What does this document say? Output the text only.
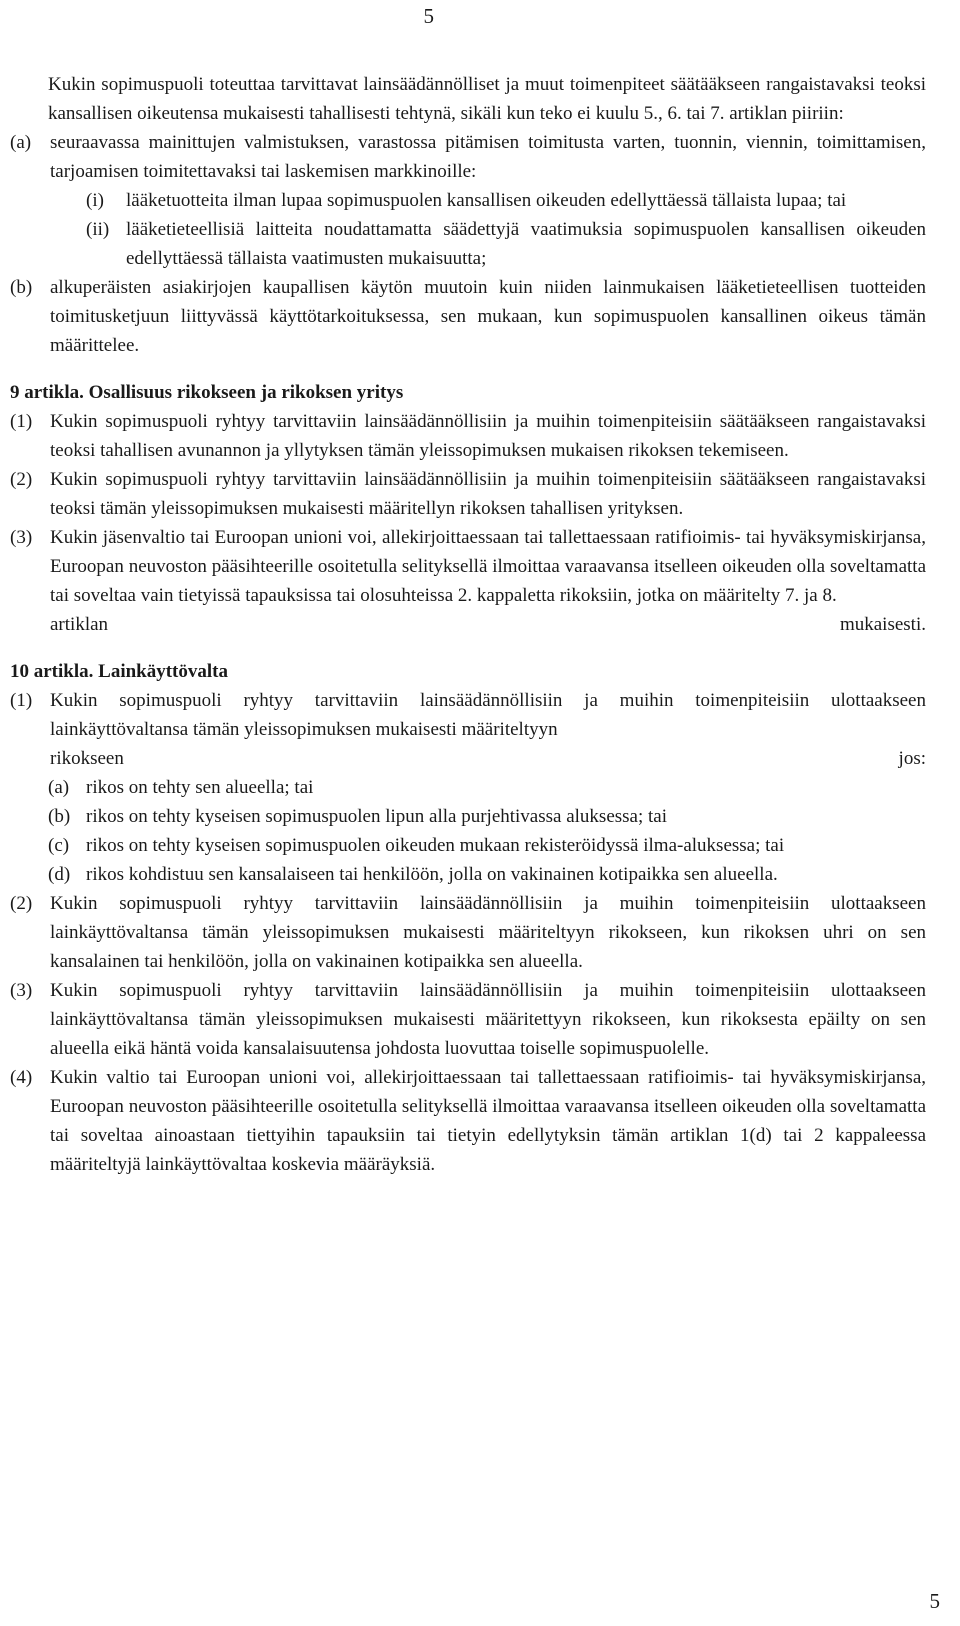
5

Kukin sopimuspuoli toteuttaa tarvittavat lainsäädännölliset ja muut toimenpiteet säätääkseen rangaistavaksi teoksi kansallisen oikeutensa mukaisesti tahallisesti tehtynä, sikäli kun teko ei kuulu 5., 6. tai 7. artiklan piiriin:

(a) seuraavassa mainittujen valmistuksen, varastossa pitämisen toimitusta varten, tuonnin, viennin, toimittamisen, tarjoamisen toimitettavaksi tai laskemisen markkinoille:
(i)	lääketuotteita ilman lupaa sopimuspuolen kansallisen oikeuden edellyttäessä tällaista lupaa; tai
(ii) lääketieteellisiä laitteita noudattamatta säädettyjä vaatimuksia sopimuspuolen kansallisen oikeuden edellyttäessä tällaista vaatimusten mukaisuutta;
(b) alkuperäisten asiakirjojen kaupallisen käytön muutoin kuin niiden lainmukaisen lääketieteellisen tuotteiden toimitusketjuun liittyvässä käyttötarkoituksessa, sen mukaan, kun sopimuspuolen kansallinen oikeus tämän määrittelee.
9 artikla. Osallisuus rikokseen ja rikoksen yritys
(1) Kukin sopimuspuoli ryhtyy tarvittaviin lainsäädännöllisiin ja muihin toimenpiteisiin säätääkseen rangaistavaksi teoksi tahallisen avunannon ja yllytyksen tämän yleissopimuksen mukaisen rikoksen tekemiseen.
(2) Kukin sopimuspuoli ryhtyy tarvittaviin lainsäädännöllisiin ja muihin toimenpiteisiin säätääkseen rangaistavaksi teoksi tämän yleissopimuksen mukaisesti määritellyn rikoksen tahallisen yrityksen.
(3) Kukin jäsenvaltio tai Euroopan unioni voi, allekirjoittaessaan tai tallettaessaan ratifioimis- tai hyväksymiskirjansa, Euroopan neuvoston pääsihteerille osoitetulla selityksellä ilmoittaa varaavansa itselleen oikeuden olla soveltamatta tai soveltaa vain tietyissä tapauksissa tai olosuhteissa 2. kappaletta rikoksiin, jotka on määritelty 7. ja 8.
artiklan	mukaisesti.
10 artikla. Lainkäyttövalta
(1) Kukin sopimuspuoli ryhtyy tarvittaviin lainsäädännöllisiin ja muihin toimenpiteisiin ulottaakseen lainkäyttövaltansa tämän yleissopimuksen mukaisesti määriteltyyn
rikokseen	jos:
(a) rikos on tehty sen alueella; tai
(b) rikos on tehty kyseisen sopimuspuolen lipun alla purjehtivassa aluksessa; tai
(c) rikos on tehty kyseisen sopimuspuolen oikeuden mukaan rekisteröidyssä ilma-aluksessa; tai
(d) rikos kohdistuu sen kansalaiseen tai henkilöön, jolla on vakinainen kotipaikka sen alueella.
(2) Kukin sopimuspuoli ryhtyy tarvittaviin lainsäädännöllisiin ja muihin toimenpiteisiin ulottaakseen lainkäyttövaltansa tämän yleissopimuksen mukaisesti määriteltyyn rikokseen, kun rikoksen uhri on sen kansalainen tai henkilöön, jolla on vakinainen kotipaikka sen alueella.
(3) Kukin sopimuspuoli ryhtyy tarvittaviin lainsäädännöllisiin ja muihin toimenpiteisiin ulottaakseen lainkäyttövaltansa tämän yleissopimuksen mukaisesti määritettyyn rikokseen, kun rikoksesta epäilty on sen alueella eikä häntä voida kansalaisuutensa johdosta luovuttaa toiselle sopimuspuolelle.
(4) Kukin valtio tai Euroopan unioni voi, allekirjoittaessaan tai tallettaessaan ratifioimis- tai hyväksymiskirjansa, Euroopan neuvoston pääsihteerille osoitetulla selityksellä ilmoittaa varaavansa itselleen oikeuden olla soveltamatta tai soveltaa ainoastaan tiettyihin tapauksiin tai tietyin edellytyksin tämän artiklan 1(d) tai 2 kappaleessa määriteltyjä lainkäyttövaltaa koskevia määräyksiä.
5
